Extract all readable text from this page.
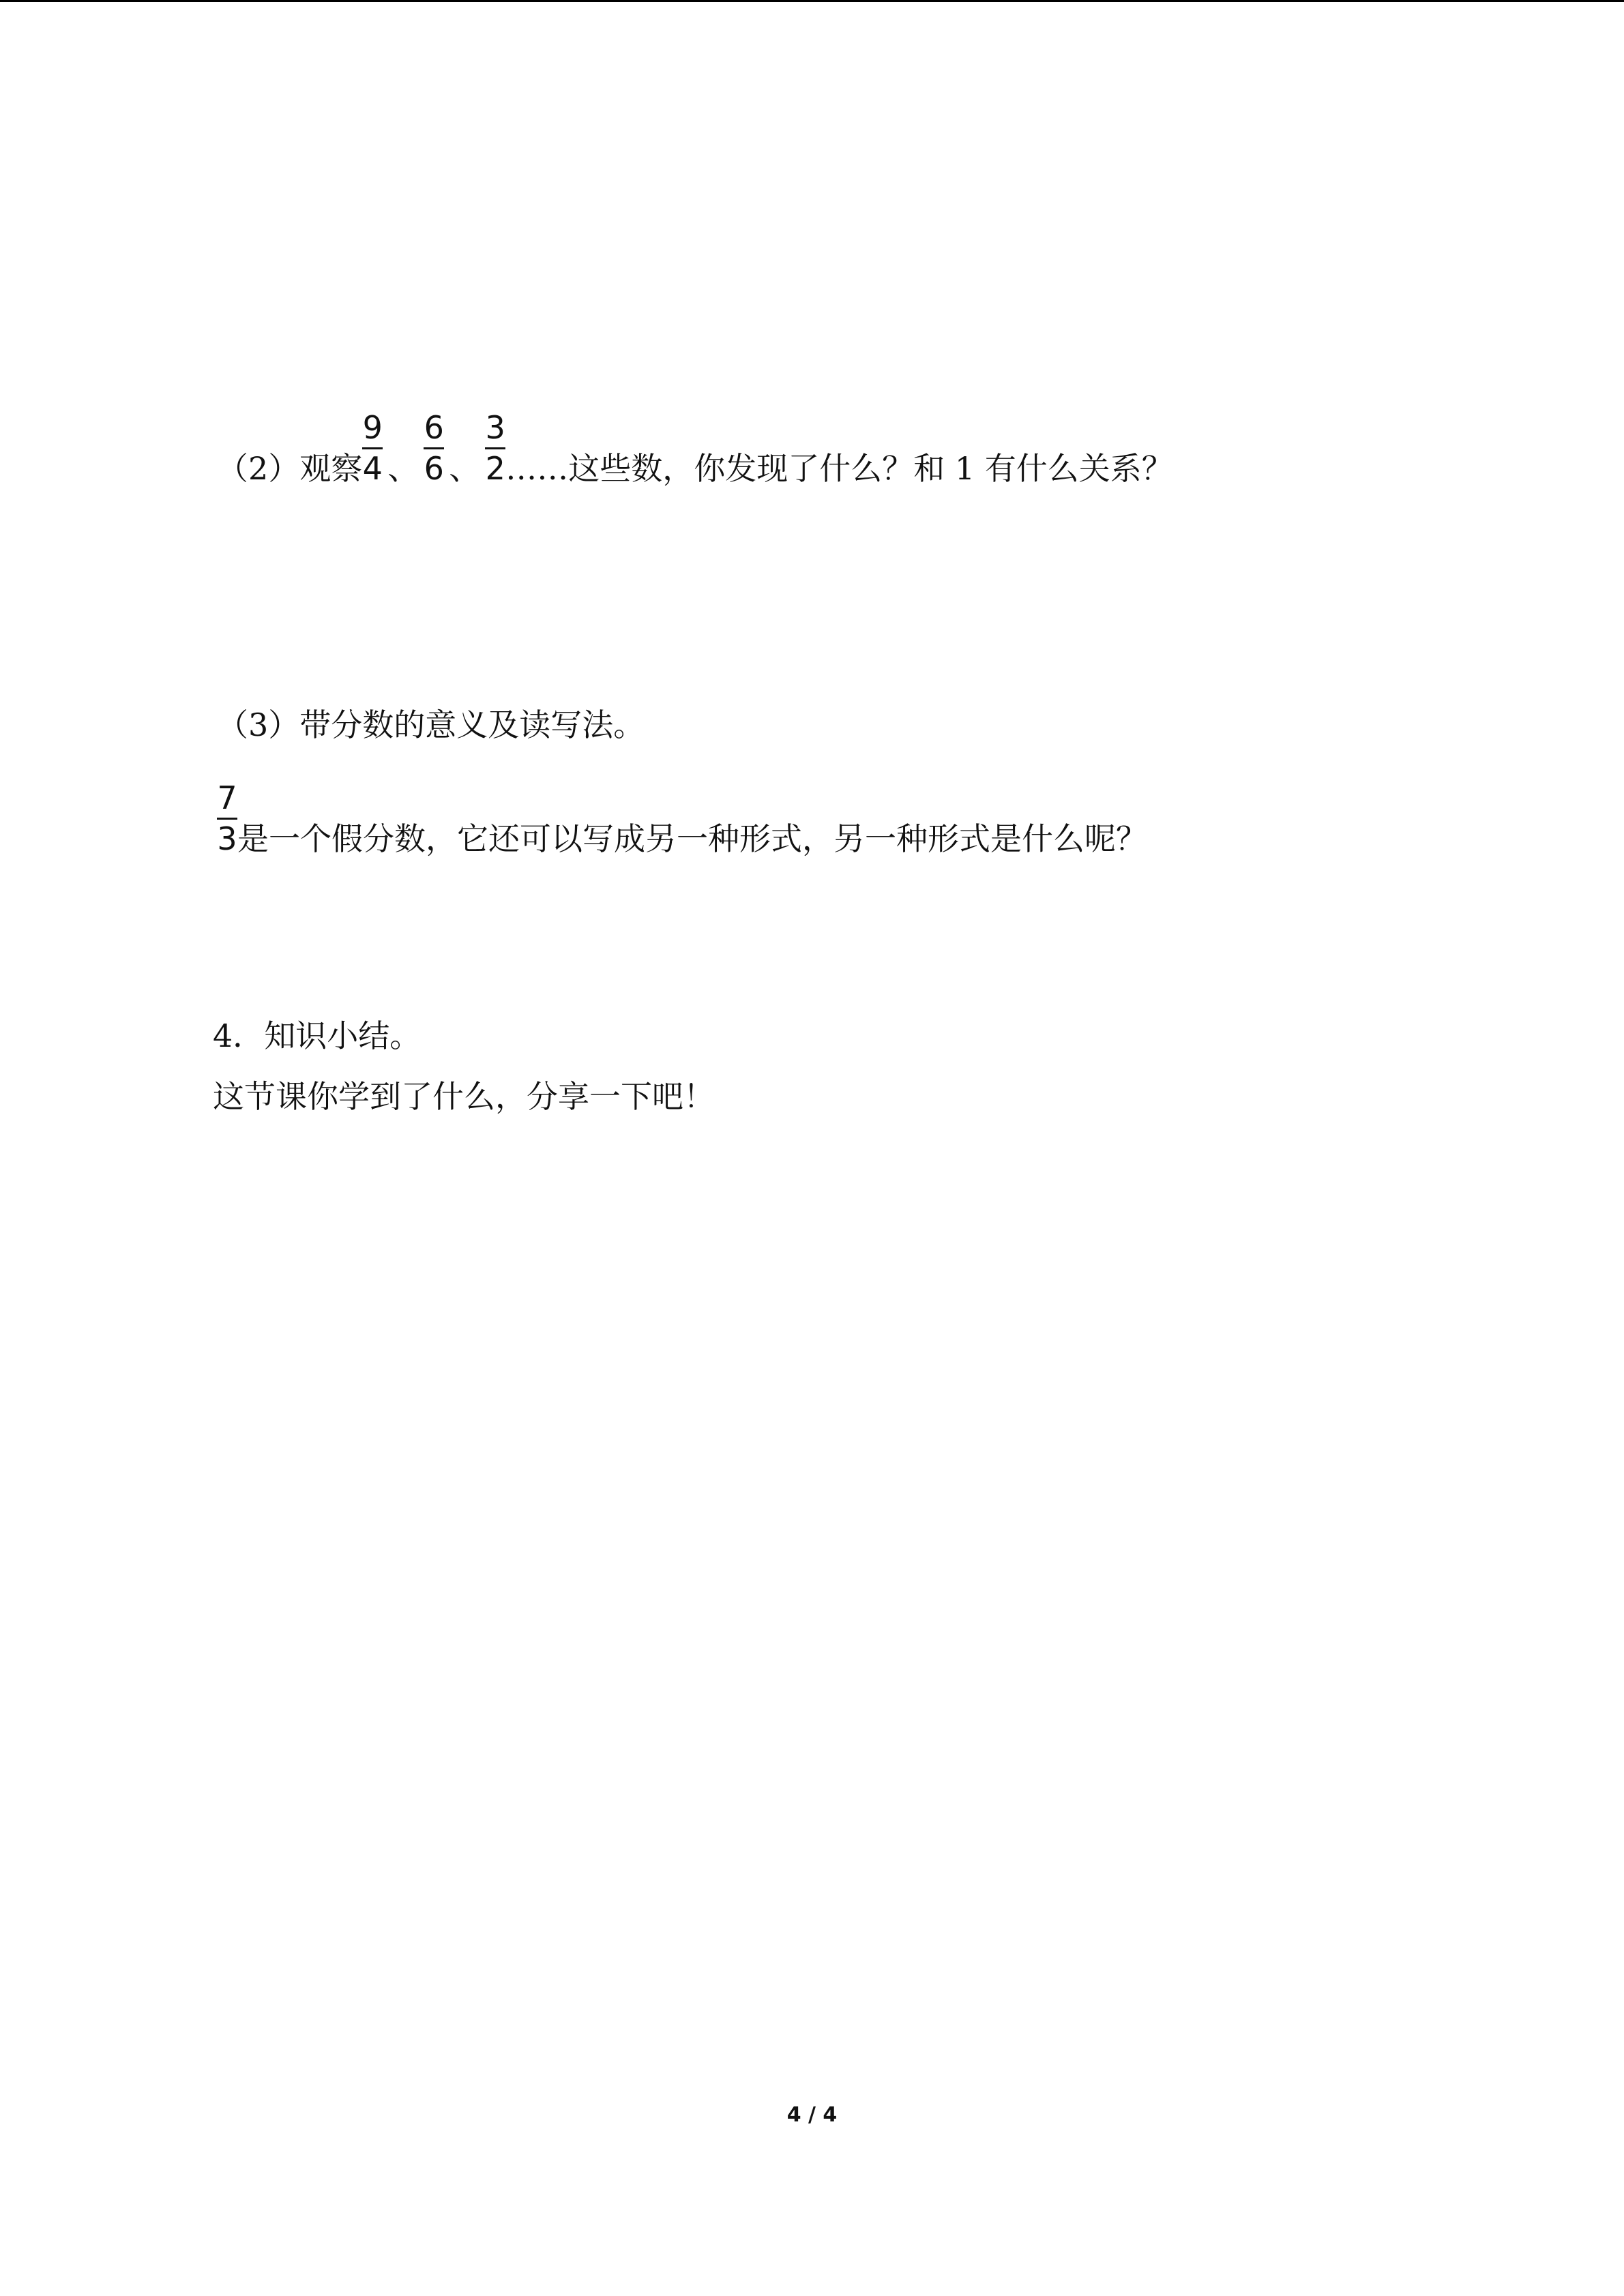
（2）观察 $\frac{9}{4}$ 、 $\frac{6}{6}$ 、 $\frac{3}{2}$ ……这些数，你发现了什么？和 1 有什么关系？
（3）带分数的意义及读写法。
$\frac{7}{3}$ 是一个假分数，它还可以写成另一种形式，另一种形式是什么呢？
4．知识小结。
这节课你学到了什么，分享一下吧！
4 / 4
